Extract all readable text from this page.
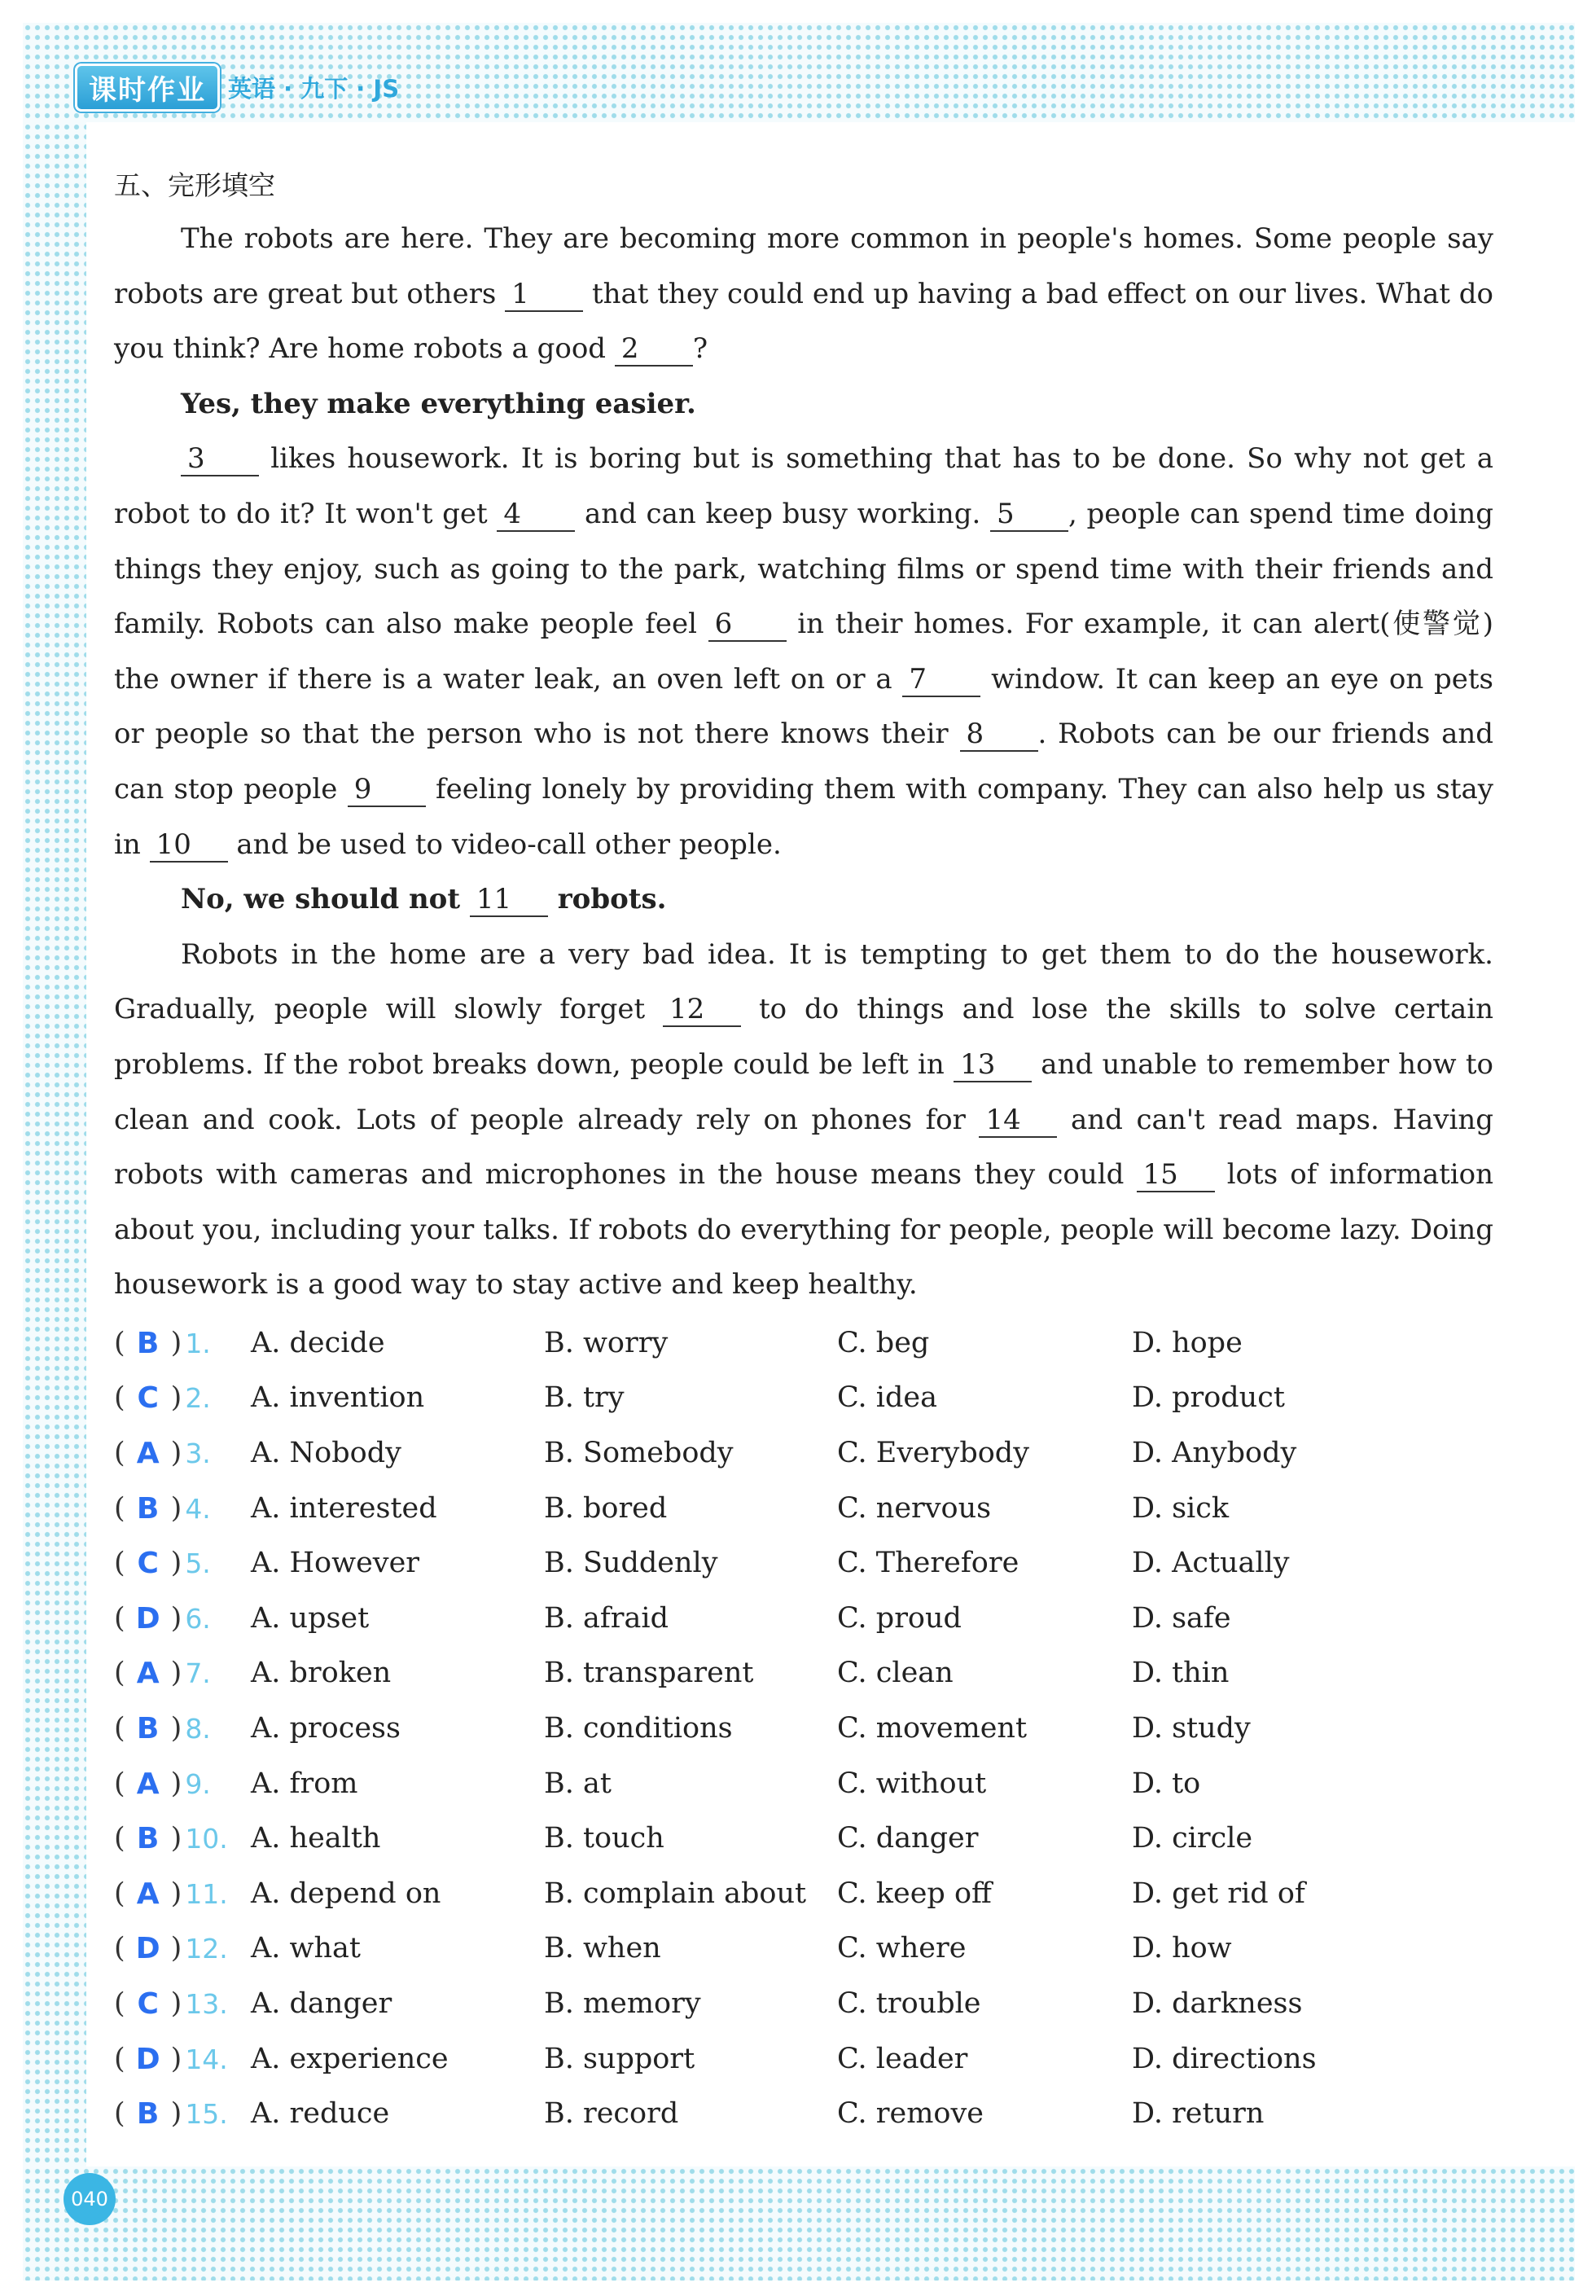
课时作业 英语 · 九下 · JS
五、完形填空

The robots are here. They are becoming more common in people's homes. Some people say robots are great but others 1 that they could end up having a bad effect on our lives. What do you think? Are home robots a good 2 ?

Yes, they make everything easier.

3 likes housework. It is boring but is something that has to be done. So why not get a robot to do it? It won't get 4 and can keep busy working. 5 , people can spend time doing things they enjoy, such as going to the park, watching films or spend time with their friends and family. Robots can also make people feel 6 in their homes. For example, it can alert(使警觉) the owner if there is a water leak, an oven left on or a 7 window. It can keep an eye on pets or people so that the person who is not there knows their 8 . Robots can be our friends and can stop people 9 feeling lonely by providing them with company. They can also help us stay in 10 and be used to video-call other people.

No, we should not 11 robots.

Robots in the home are a very bad idea. It is tempting to get them to do the housework. Gradually, people will slowly forget 12 to do things and lose the skills to solve certain problems. If the robot breaks down, people could be left in 13 and unable to remember how to clean and cook. Lots of people already rely on phones for 14 and can't read maps. Having robots with cameras and microphones in the house means they could 15 lots of information about you, including your talks. If robots do everything for people, people will become lazy. Doing housework is a good way to stay active and keep healthy.

( B ) 1. A. decide	B. worry	C. beg	D. hope
( C ) 2. A. invention	B. try	C. idea	D. product
( A ) 3. A. Nobody	B. Somebody	C. Everybody	D. Anybody
( B ) 4. A. interested	B. bored	C. nervous	D. sick
( C ) 5. A. However	B. Suddenly	C. Therefore	D. Actually
( D ) 6. A. upset	B. afraid	C. proud	D. safe
( A ) 7. A. broken	B. transparent	C. clean	D. thin
( B ) 8. A. process	B. conditions	C. movement	D. study
( A ) 9. A. from	B. at	C. without	D. to
( B ) 10. A. health	B. touch	C. danger	D. circle
( A ) 11. A. depend on	B. complain about	C. keep off	D. get rid of
( D ) 12. A. what	B. when	C. where	D. how
( C ) 13. A. danger	B. memory	C. trouble	D. darkness
( D ) 14. A. experience	B. support	C. leader	D. directions
( B ) 15. A. reduce	B. record	C. remove	D. return
040
